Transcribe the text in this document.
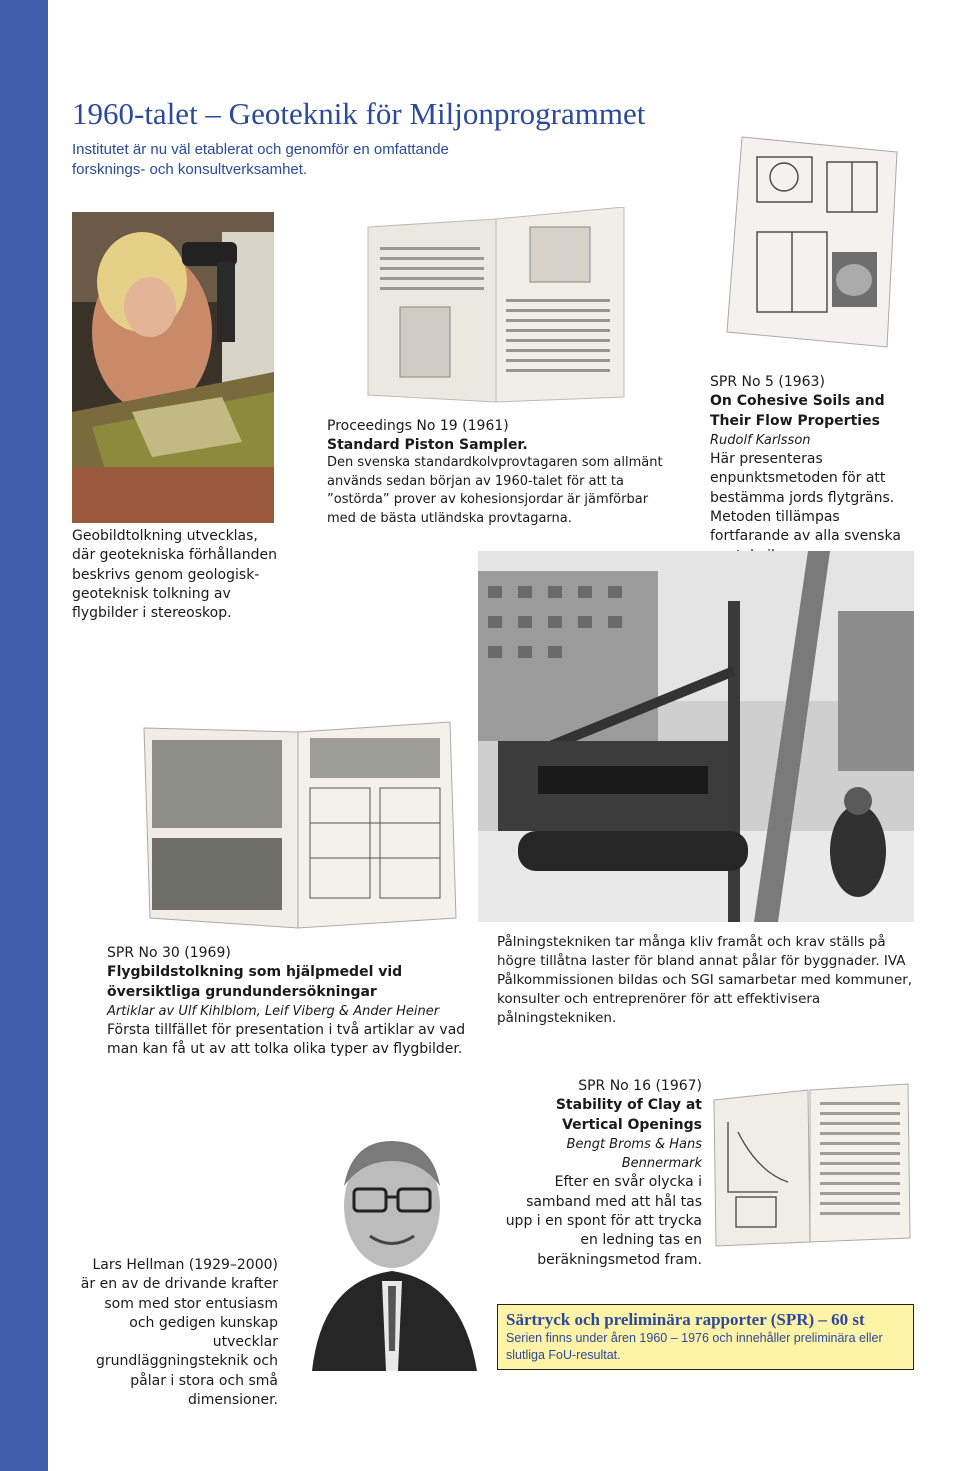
1960-talet – Geoteknik för Miljonprogrammet

Institutet är nu väl etablerat och genomför en omfattande forsknings- och konsultverksamhet.

Geobildtolkning utvecklas, där geotekniska förhållanden beskrivs genom geologisk-geoteknisk tolkning av flygbilder i stereoskop.
Proceedings No 19 (1961)
Standard Piston Sampler.
Den svenska standardkolvprovtagaren som allmänt används sedan början av 1960-talet för att ta ”ostörda” prover av kohesionsjordar är jämförbar med de bästa utländska provtagarna.
SPR No 5 (1963)
On Cohesive Soils and Their Flow Properties
Rudolf Karlsson
Här presenteras enpunktsmetoden för att bestämma jords flytgräns. Metoden tillämpas fortfarande av alla svenska
SPR No 30 (1969)
Flygbildstolkning som hjälpmedel vid översiktliga grundundersökningar
Artiklar av Ulf Kihlblom, Leif Viberg & Ander Heiner
Första tillfället för presentation i två artiklar av vad man kan få ut av att tolka olika typer av flygbilder.
Pålningstekniken tar många kliv framåt och krav ställs på högre tillåtna laster för bland annat pålar för byggnader. IVA Pålkommissionen bildas och SGI samarbetar med kommuner, konsulter och entreprenörer för att effektivisera pålningstekniken.
SPR No 16 (1967)
Stability of Clay at Vertical Openings
Bengt Broms & Hans Bennermark
Efter en svår olycka i samband med att hål tas upp i en spont för att trycka en ledning tas en beräkningsmetod fram.
Lars Hellman (1929–2000) är en av de drivande krafter som med stor entusiasm och gedigen kunskap utvecklar grundläggningsteknik och pålar i stora och små dimensioner.

Särtryck och preliminära rapporter (SPR) – 60 st

Serien finns under åren 1960 – 1976 och innehåller preliminära eller slutliga FoU-resultat.
